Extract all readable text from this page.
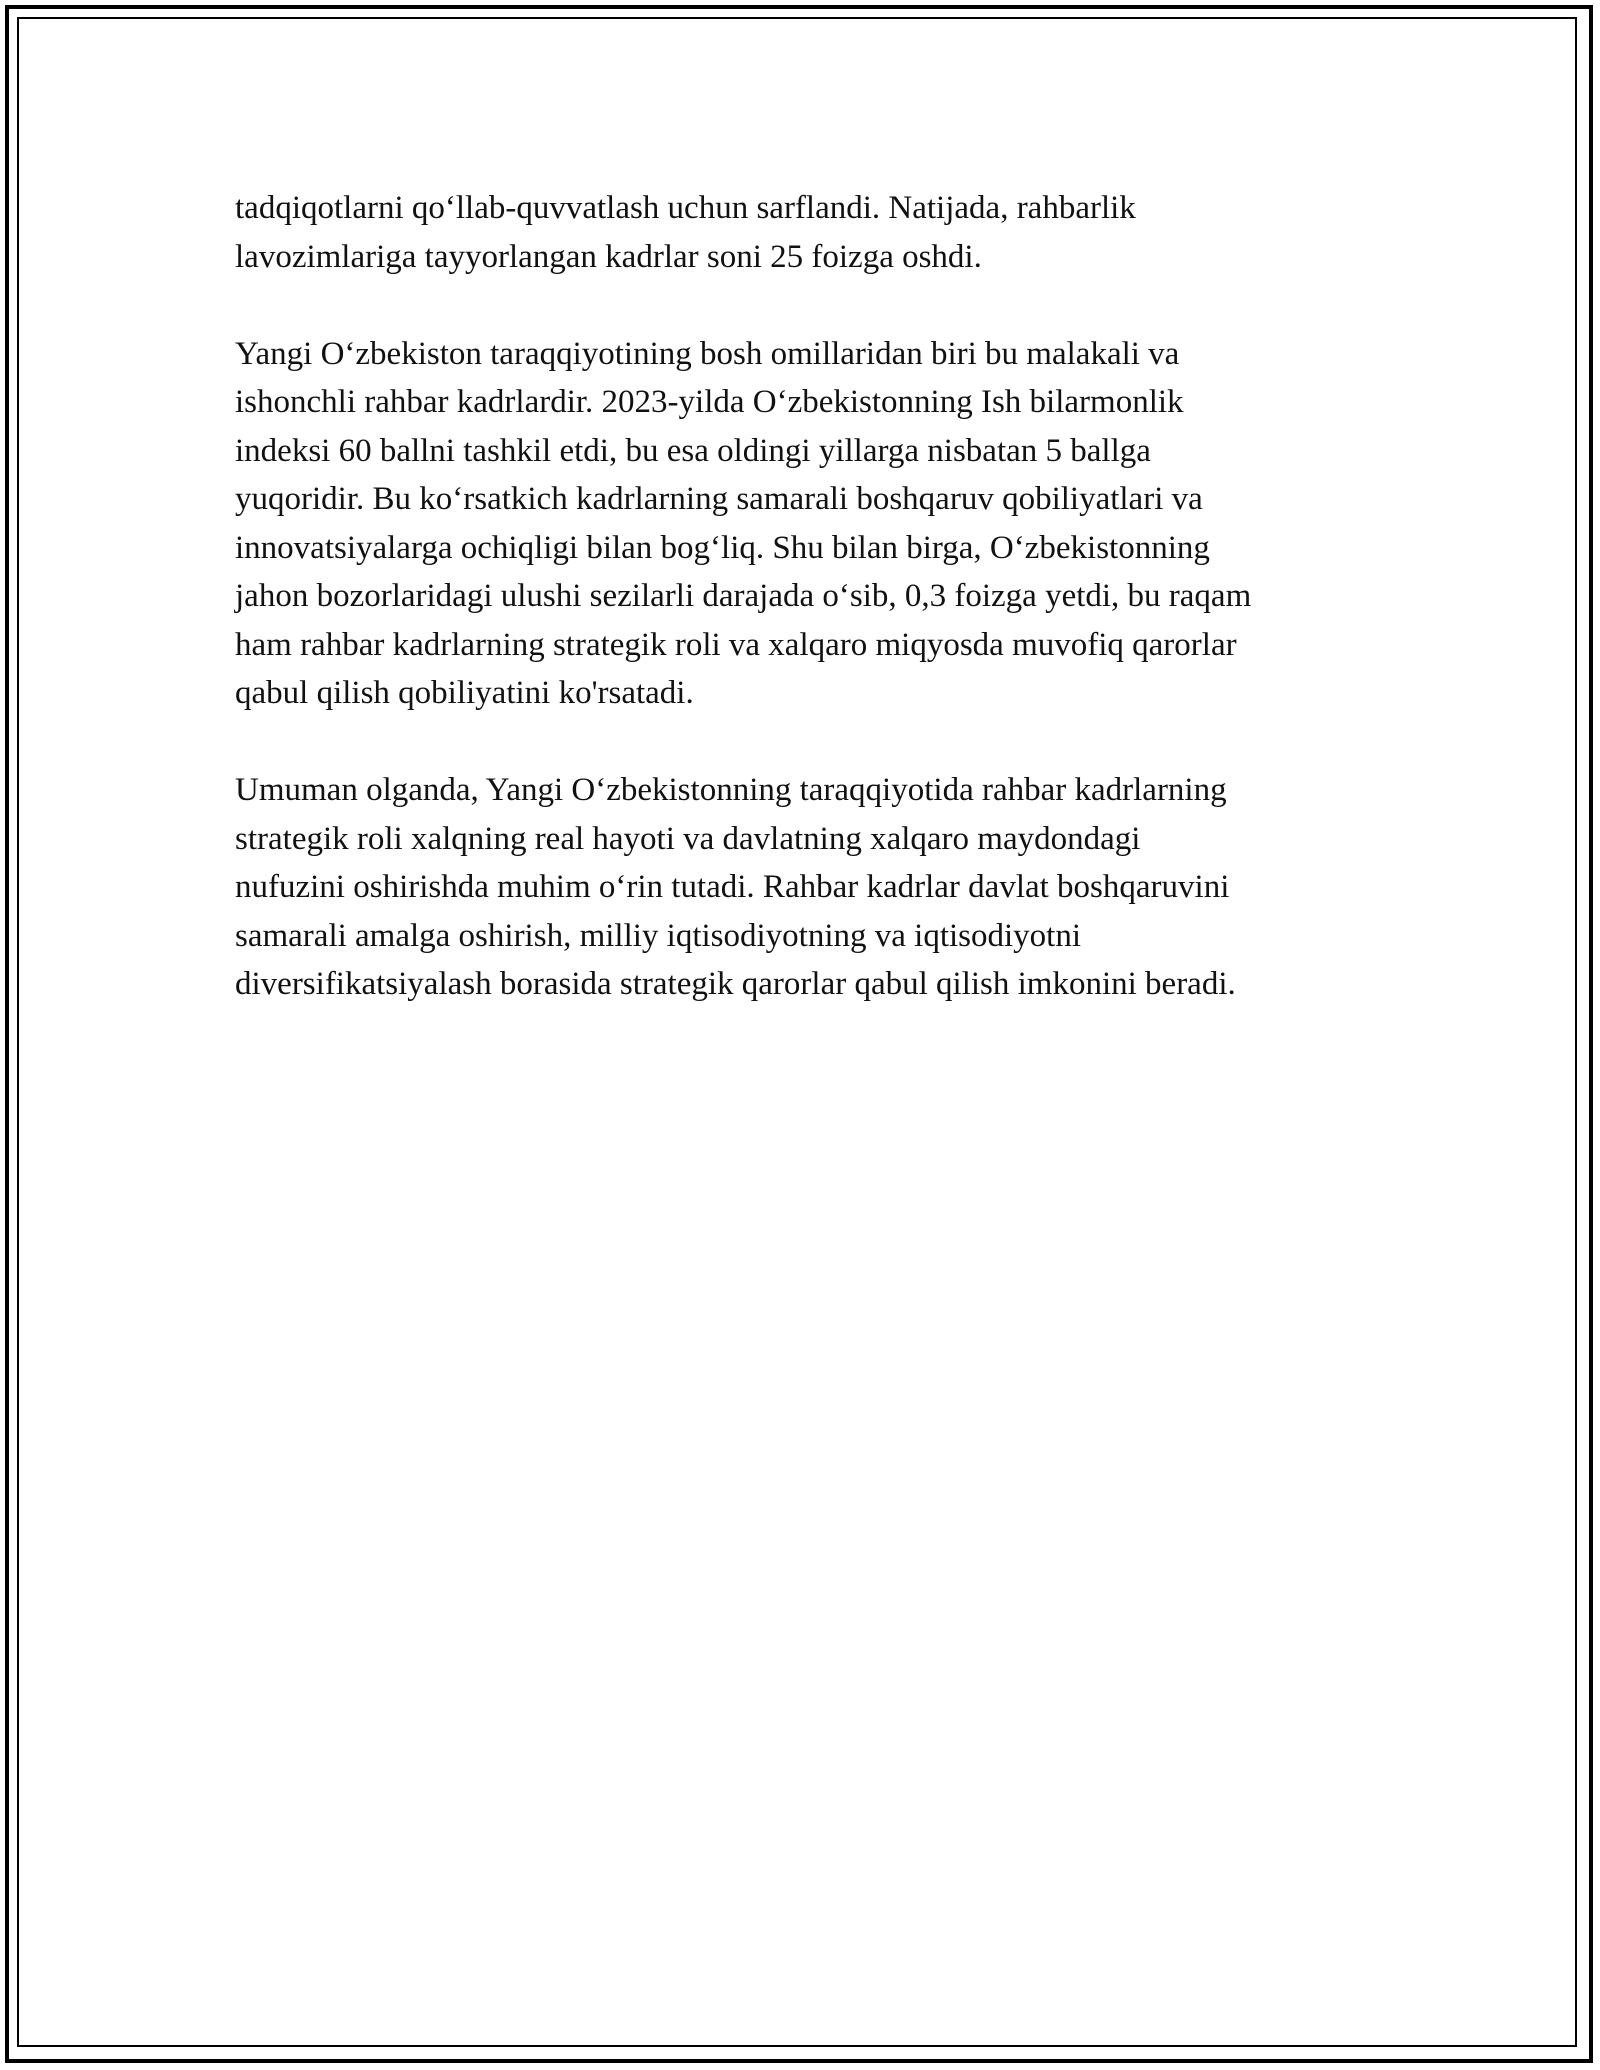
tadqiqotlarni qo‘llab-quvvatlash uchun sarflandi. Natijada, rahbarlik
lavozimlariga tayyorlangan kadrlar soni 25 foizga oshdi.

Yangi O‘zbekiston taraqqiyotining bosh omillaridan biri bu malakali va
ishonchli rahbar kadrlardir. 2023-yilda O‘zbekistonning Ish bilarmonlik
indeksi 60 ballni tashkil etdi, bu esa oldingi yillarga nisbatan 5 ballga
yuqoridir. Bu ko‘rsatkich kadrlarning samarali boshqaruv qobiliyatlari va
innovatsiyalarga ochiqligi bilan bog‘liq. Shu bilan birga, O‘zbekistonning
jahon bozorlaridagi ulushi sezilarli darajada o‘sib, 0,3 foizga yetdi, bu raqam
ham rahbar kadrlarning strategik roli va xalqaro miqyosda muvofiq qarorlar
qabul qilish qobiliyatini ko'rsatadi.

Umuman olganda, Yangi O‘zbekistonning taraqqiyotida rahbar kadrlarning
strategik roli xalqning real hayoti va davlatning xalqaro maydondagi
nufuzini oshirishda muhim o‘rin tutadi. Rahbar kadrlar davlat boshqaruvini
samarali amalga oshirish, milliy iqtisodiyotning va iqtisodiyotni
diversifikatsiyalash borasida strategik qarorlar qabul qilish imkonini beradi.
